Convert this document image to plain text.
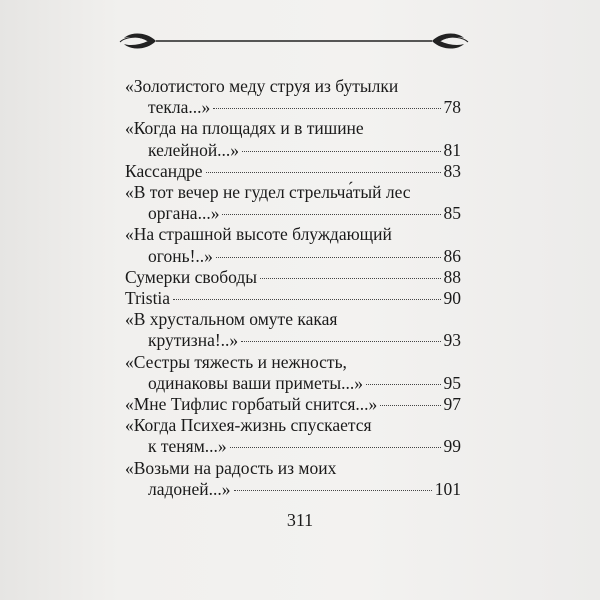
«Золотистого меду струя из бутылки
текла...»	78
«Когда на площадях и в тишине
келейной...»	81
Кассандре	83
«В тот вечер не гудел стрельча́тый лес
органа...»	85
«На страшной высоте блуждающий
огонь!..»	86
Сумерки свободы	88
Tristia	90
«В хрустальном омуте какая
крутизна!..»	93
«Сестры тяжесть и нежность,
одинаковы ваши приметы...»	95
«Мне Тифлис горбатый снится...»	97
«Когда Психея-жизнь спускается
к теням...»	99
«Возьми на радость из моих
ладоней...»	101
311
